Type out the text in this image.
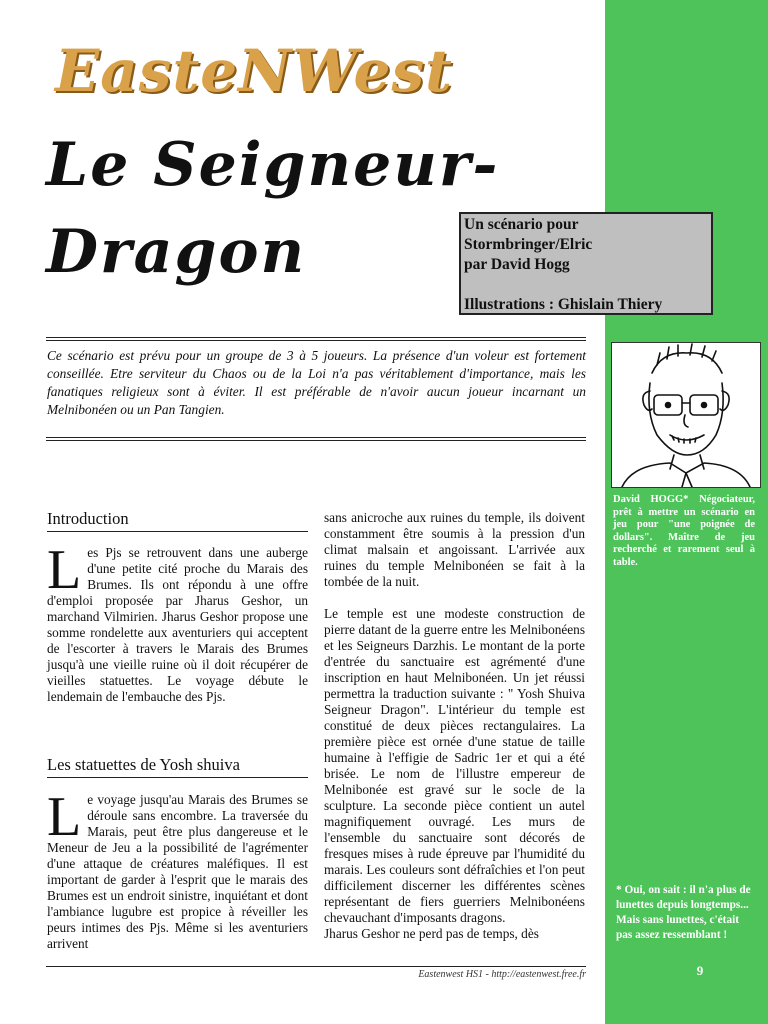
EasteNWest
Le Seigneur-
Dragon	Un scénario pour
Stormbringer/Elric
par David Hogg
Illustrations : Ghislain Thiery

Ce scénario est prévu pour un groupe de 3 à 5 joueurs. La présence d'un voleur est fortement conseillée. Etre serviteur du Chaos ou de la Loi n'a pas véritablement d'importance, mais les fanatiques religieux sont à éviter. Il est préférable de n'avoir aucun joueur incarnant un Melnibonéen ou un Pan Tangien.

Introduction
L es Pjs se retrouvent dans une auberge d'une petite cité proche du Marais des Brumes. Ils ont répondu à une offre d'emploi proposée par Jharus Geshor, un marchand Vilmirien. Jharus Geshor propose une somme rondelette aux aventuriers qui acceptent de l'escorter à travers le Marais des Brumes jusqu'à une vieille ruine où il doit récupérer de vieilles statuettes. Le voyage débute le lendemain de l'embauche des Pjs.
Les statuettes de Yosh shuiva
L e voyage jusqu'au Marais des Brumes se déroule sans encombre. La traversée du Marais, peut être plus dangereuse et le Meneur de Jeu a la possibilité de l'agrémenter d'une attaque de créatures maléfiques. Il est important de garder à l'esprit que le marais des Brumes est un endroit sinistre, inquiétant et dont l'ambiance lugubre est propice à réveiller les peurs intimes des Pjs. Même si les aventuriers arrivent

sans anicroche aux ruines du temple, ils doivent constamment être soumis à la pression d'un climat malsain et angoissant. L'arrivée aux ruines du temple Melnibonéen se fait à la tombée de la nuit.

Le temple est une modeste construction de pierre datant de la guerre entre les Melnibonéens et les Seigneurs Darzhis. Le montant de la porte d'entrée du sanctuaire est agrémenté d'une inscription en haut Melnibonéen. Un jet réussi permettra la traduction suivante : " Yosh Shuiva Seigneur Dragon". L'intérieur du temple est constitué de deux pièces rectangulaires. La première pièce est ornée d'une statue de taille humaine à l'effigie de Sadric 1er et qui a été brisée. Le nom de l'illustre empereur de Melnibonée est gravé sur le socle de la sculpture. La seconde pièce contient un autel magnifiquement ouvragé. Les murs de l'ensemble du sanctuaire sont décorés de fresques mises à rude épreuve par l'humidité du marais. Les couleurs sont défraîchies et l'on peut difficilement discerner les différentes scènes représentant de fiers guerriers Melnibonéens chevauchant d'imposants dragons.

Jharus Geshor ne perd pas de temps, dès

David HOGG* Négociateur, prêt à mettre un scénario en jeu pour "une poignée de dollars". Maître de jeu recherché et rarement seul à table.

* Oui, on sait : il n'a plus de lunettes depuis longtemps... Mais sans lunettes, c'était pas assez ressemblant !

9
Eastenwest HS1 - http://eastenwest.free.fr
